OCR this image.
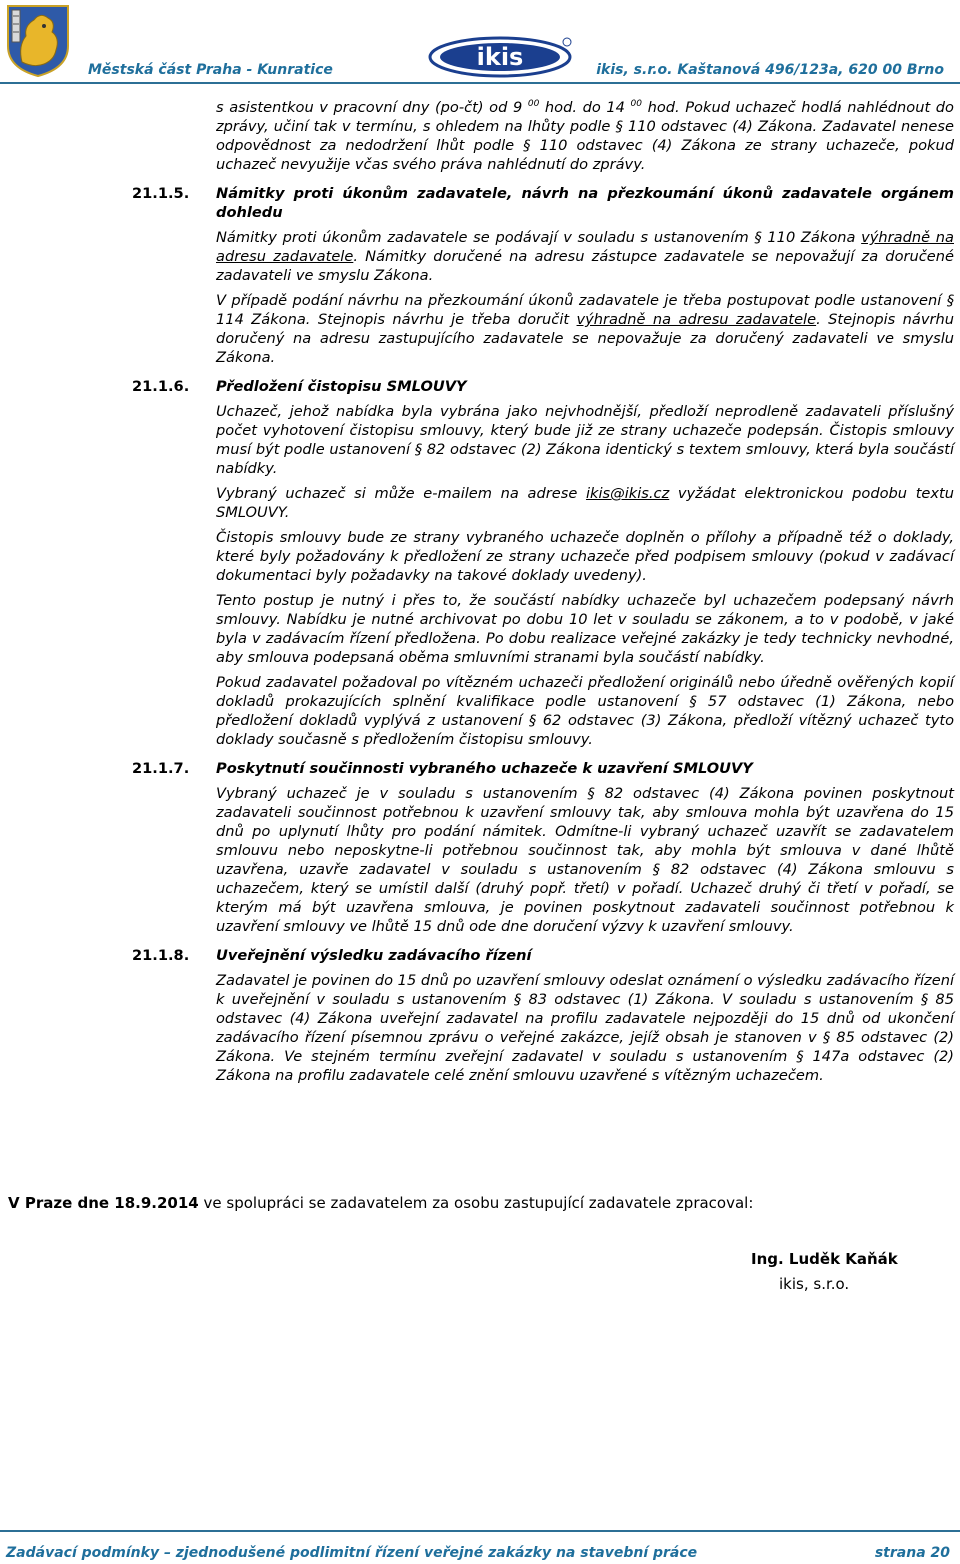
ikis
Městská část Praha - Kunratice	ikis, s.r.o. Kaštanová 496/123a, 620 00 Brno

s asistentkou v pracovní dny (po-čt) od 9 $^{00}$ hod. do 14 $^{00}$ hod. Pokud uchazeč hodlá nahlédnout do zprávy, učiní tak v termínu, s ohledem na lhůty podle § 110 odstavec (4) Zákona. Zadavatel nenese odpovědnost za nedodržení lhůt podle § 110 odstavec (4) Zákona ze strany uchazeče, pokud uchazeč nevyužije včas svého práva nahlédnutí do zprávy.

21.1.5. Námitky proti úkonům zadavatele, návrh na přezkoumání úkonů zadavatele orgánem dohledu

Námitky proti úkonům zadavatele se podávají v souladu s ustanovením § 110 Zákona výhradně na adresu zadavatele. Námitky doručené na adresu zástupce zadavatele se nepovažují za doručené zadavateli ve smyslu Zákona.

V případě podání návrhu na přezkoumání úkonů zadavatele je třeba postupovat podle ustanovení § 114 Zákona. Stejnopis návrhu je třeba doručit výhradně na adresu zadavatele. Stejnopis návrhu doručený na adresu zastupujícího zadavatele se nepovažuje za doručený zadavateli ve smyslu Zákona.

21.1.6. Předložení čistopisu SMLOUVY

Uchazeč, jehož nabídka byla vybrána jako nejvhodnější, předloží neprodleně zadavateli příslušný počet vyhotovení čistopisu smlouvy, který bude již ze strany uchazeče podepsán. Čistopis smlouvy musí být podle ustanovení § 82 odstavec (2) Zákona identický s textem smlouvy, která byla součástí nabídky.

Vybraný uchazeč si může e-mailem na adrese ikis@ikis.cz vyžádat elektronickou podobu textu SMLOUVY.

Čistopis smlouvy bude ze strany vybraného uchazeče doplněn o přílohy a případně též o doklady, které byly požadovány k předložení ze strany uchazeče před podpisem smlouvy (pokud v zadávací dokumentaci byly požadavky na takové doklady uvedeny).

Tento postup je nutný i přes to, že součástí nabídky uchazeče byl uchazečem podepsaný návrh smlouvy. Nabídku je nutné archivovat po dobu 10 let v souladu se zákonem, a to v podobě, v jaké byla v zadávacím řízení předložena. Po dobu realizace veřejné zakázky je tedy technicky nevhodné, aby smlouva podepsaná oběma smluvními stranami byla součástí nabídky.

Pokud zadavatel požadoval po vítězném uchazeči předložení originálů nebo úředně ověřených kopií dokladů prokazujících splnění kvalifikace podle ustanovení § 57 odstavec (1) Zákona, nebo předložení dokladů vyplývá z ustanovení § 62 odstavec (3) Zákona, předloží vítězný uchazeč tyto doklady současně s předložením čistopisu smlouvy.

21.1.7. Poskytnutí součinnosti vybraného uchazeče k uzavření SMLOUVY

Vybraný uchazeč je v souladu s ustanovením § 82 odstavec (4) Zákona povinen poskytnout zadavateli součinnost potřebnou k uzavření smlouvy tak, aby smlouva mohla být uzavřena do 15 dnů po uplynutí lhůty pro podání námitek. Odmítne-li vybraný uchazeč uzavřít se zadavatelem smlouvu nebo neposkytne-li potřebnou součinnost tak, aby mohla být smlouva v dané lhůtě uzavřena, uzavře zadavatel v souladu s ustanovením § 82 odstavec (4) Zákona smlouvu s uchazečem, který se umístil další (druhý popř. třetí) v pořadí. Uchazeč druhý či třetí v pořadí, se kterým má být uzavřena smlouva, je povinen poskytnout zadavateli součinnost potřebnou k uzavření smlouvy ve lhůtě 15 dnů ode dne doručení výzvy k uzavření smlouvy.

21.1.8. Uveřejnění výsledku zadávacího řízení

Zadavatel je povinen do 15 dnů po uzavření smlouvy odeslat oznámení o výsledku zadávacího řízení k uveřejnění v souladu s ustanovením § 83 odstavec (1) Zákona. V souladu s ustanovením § 85 odstavec (4) Zákona uveřejní zadavatel na profilu zadavatele nejpozději do 15 dnů od ukončení zadávacího řízení písemnou zprávu o veřejné zakázce, jejíž obsah je stanoven v § 85 odstavec (2) Zákona. Ve stejném termínu zveřejní zadavatel v souladu s ustanovením § 147a odstavec (2) Zákona na profilu zadavatele celé znění smlouvu uzavřené s vítězným uchazečem.

V Praze dne 18.9.2014 ve spolupráci se zadavatelem za osobu zastupující zadavatele zpracoval:
Ing. Luděk Kaňák
ikis, s.r.o.
Zadávací podmínky – zjednodušené podlimitní řízení veřejné zakázky na stavební práce	strana 20
